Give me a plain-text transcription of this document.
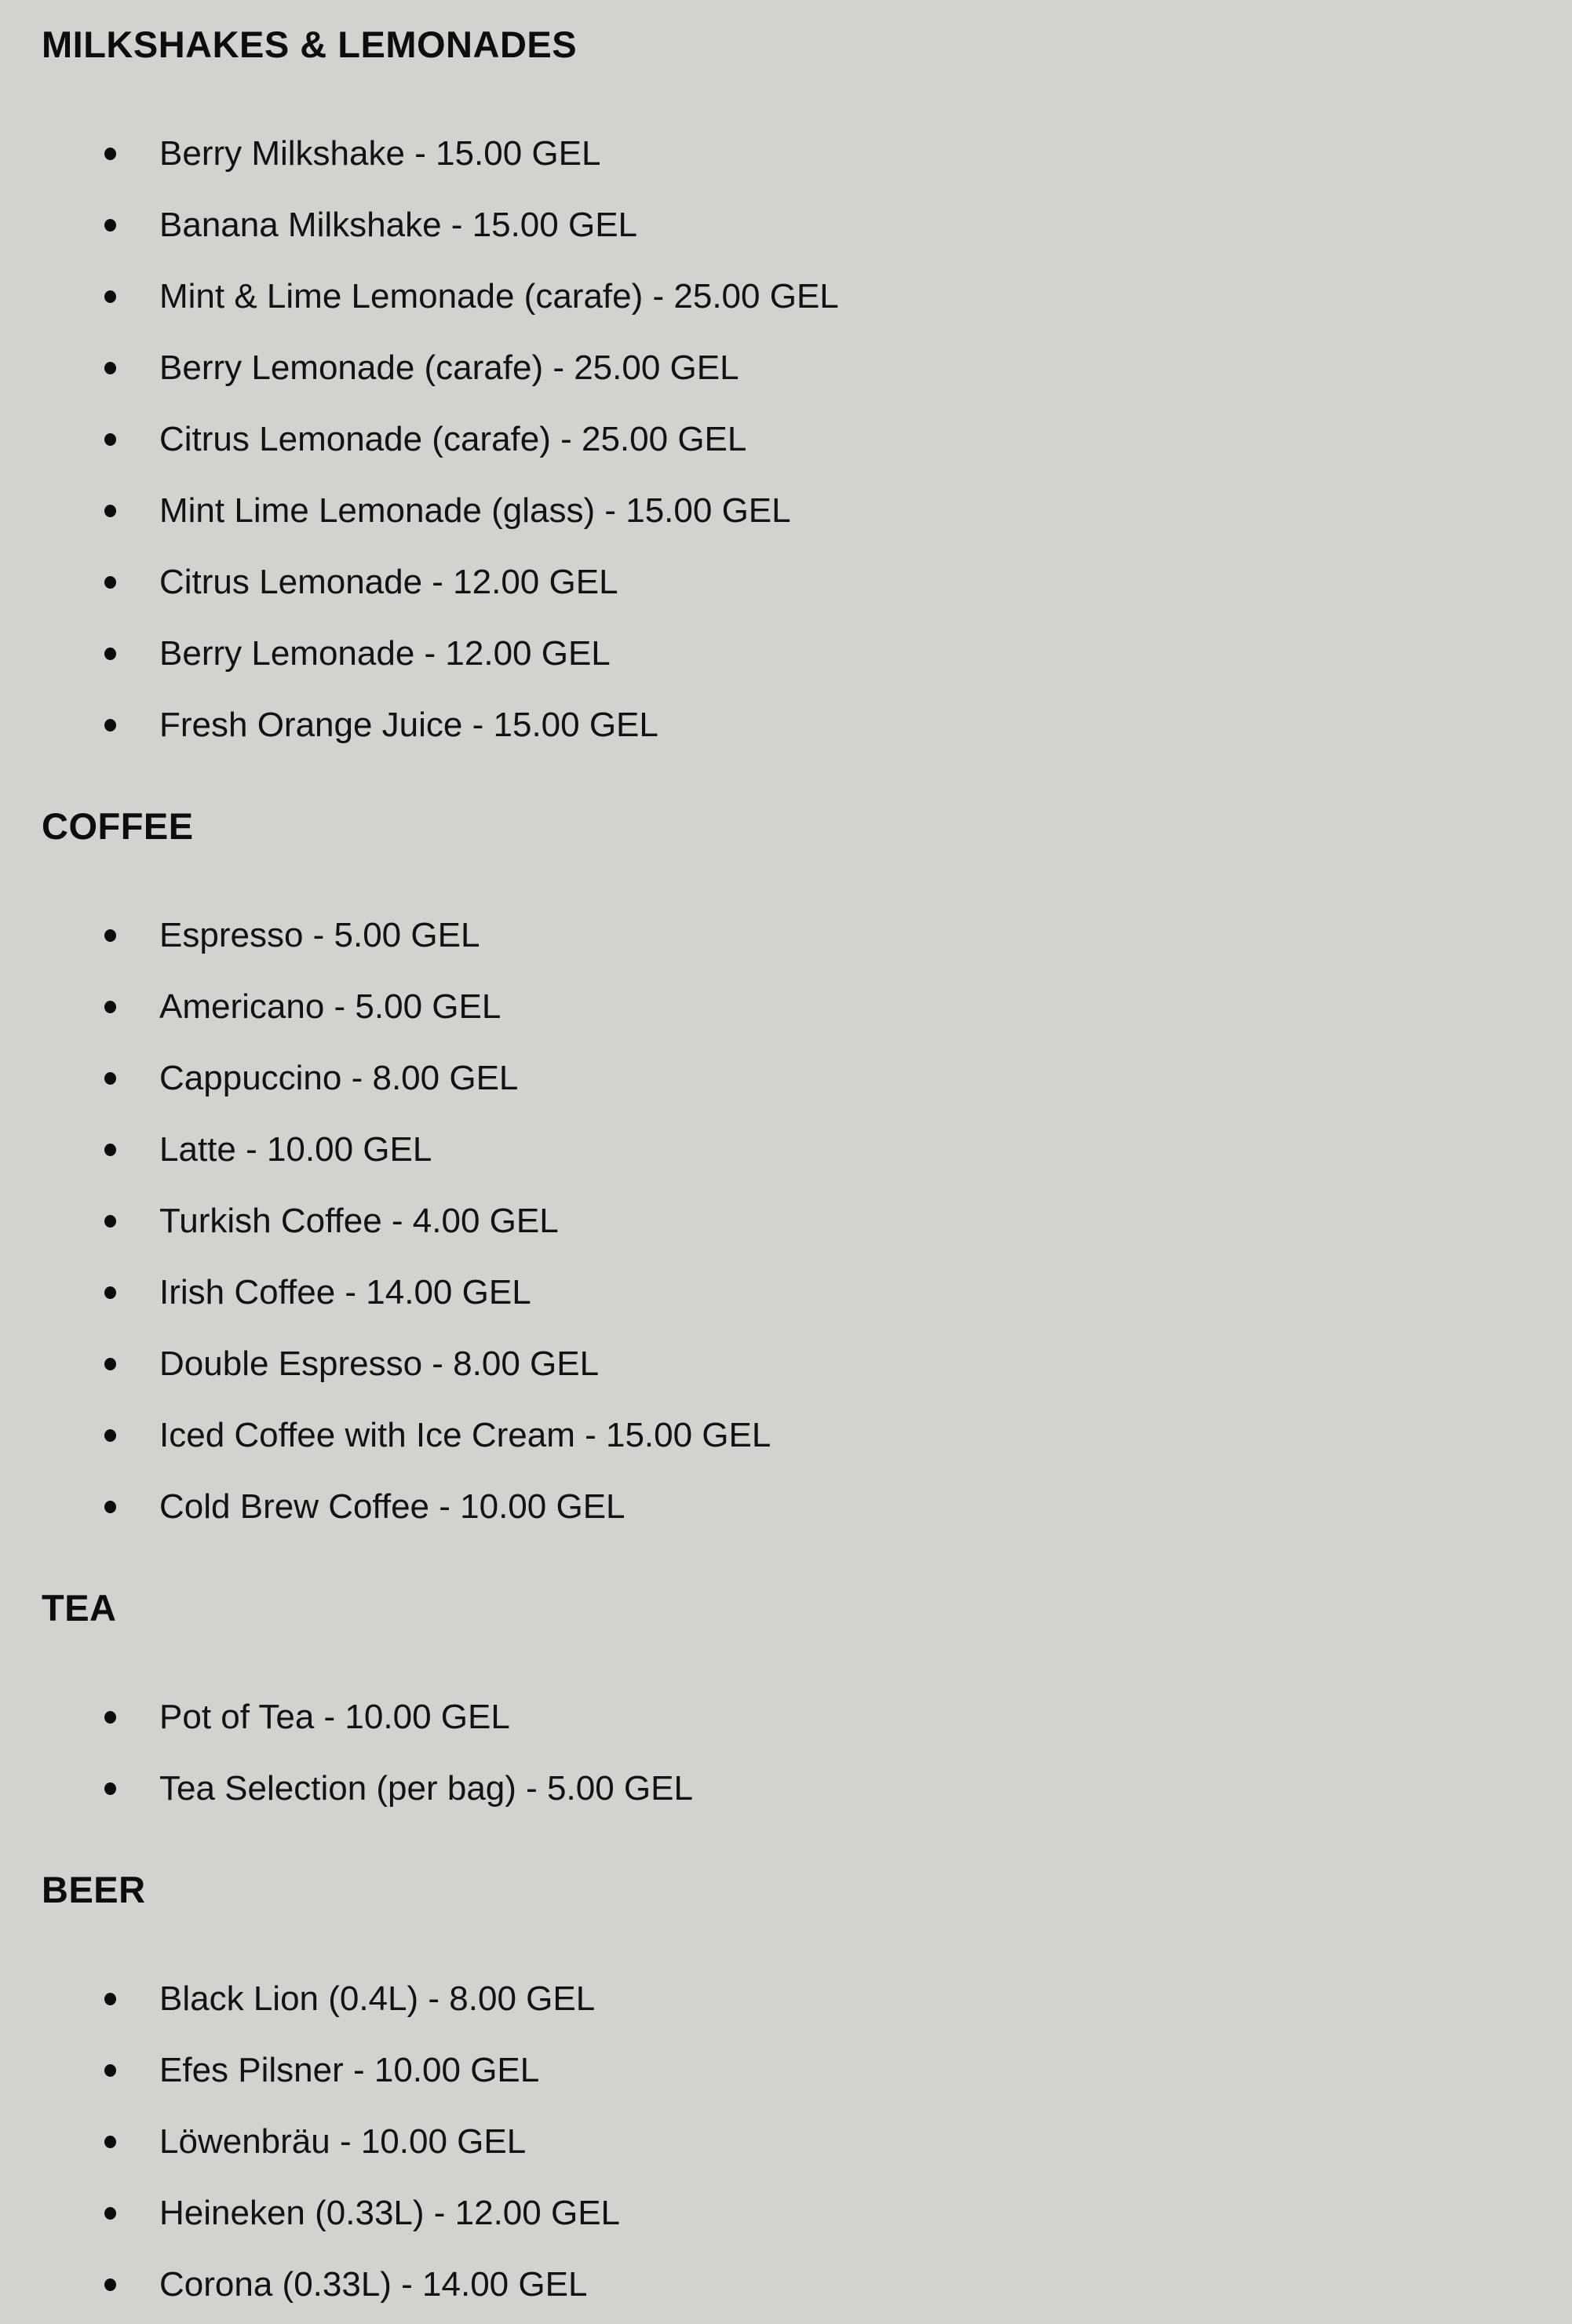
MILKSHAKES & LEMONADES
Berry Milkshake - 15.00 GEL
Banana Milkshake - 15.00 GEL
Mint & Lime Lemonade (carafe) - 25.00 GEL
Berry Lemonade (carafe) - 25.00 GEL
Citrus Lemonade (carafe) - 25.00 GEL
Mint Lime Lemonade (glass) - 15.00 GEL
Citrus Lemonade - 12.00 GEL
Berry Lemonade - 12.00 GEL
Fresh Orange Juice - 15.00 GEL
COFFEE
Espresso - 5.00 GEL
Americano - 5.00 GEL
Cappuccino - 8.00 GEL
Latte - 10.00 GEL
Turkish Coffee - 4.00 GEL
Irish Coffee - 14.00 GEL
Double Espresso - 8.00 GEL
Iced Coffee with Ice Cream - 15.00 GEL
Cold Brew Coffee - 10.00 GEL
TEA
Pot of Tea - 10.00 GEL
Tea Selection (per bag) - 5.00 GEL
BEER
Black Lion (0.4L) - 8.00 GEL
Efes Pilsner - 10.00 GEL
Löwenbräu - 10.00 GEL
Heineken (0.33L) - 12.00 GEL
Corona (0.33L) - 14.00 GEL
